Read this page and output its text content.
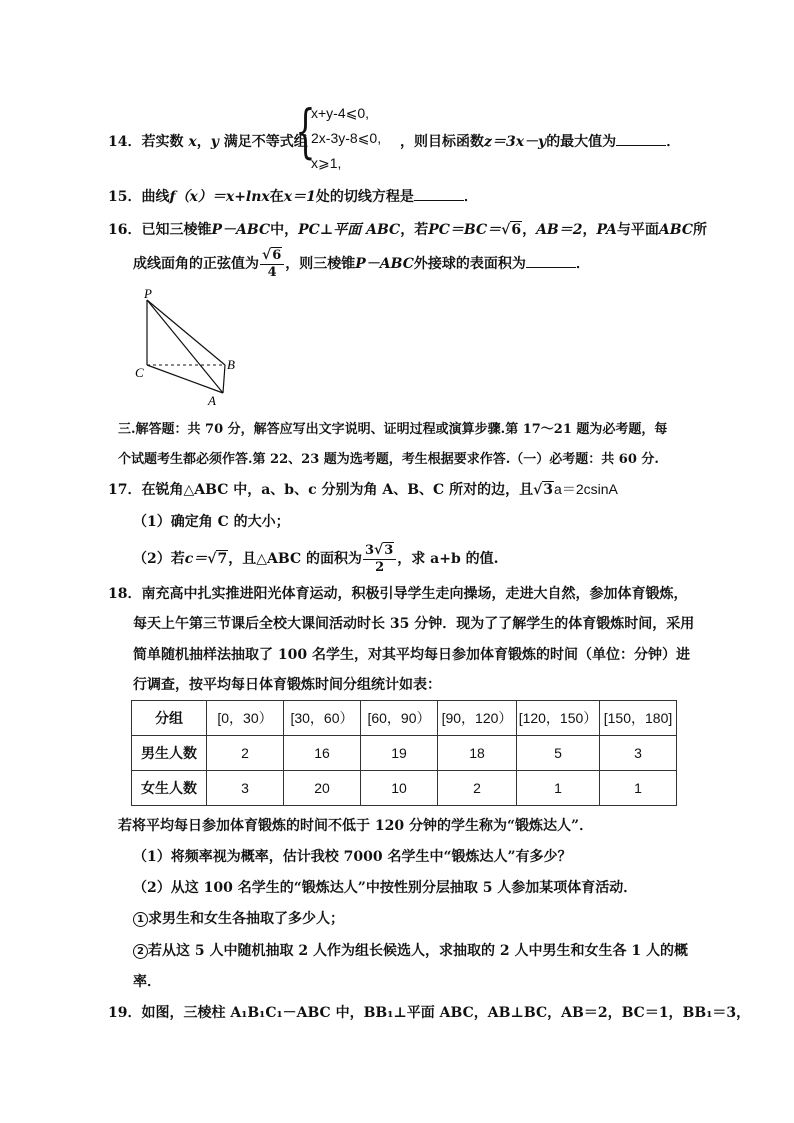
14．若实数 x，y 满足不等式组
{
x+y-4⩽0,
2x-3y-8⩽0,
x⩾1,
，则目标函数z＝3x－y的最大值为	．
15．曲线f（x）＝x+lnx在x＝1处的切线方程是	．
16．已知三棱锥P－ABC中，PC⊥平面 ABC，若PC＝BC＝√6，AB＝2，PA与平面ABC所
成线面角的正弦值为 $\frac{√6}{4}$ ，则三棱锥P－ABC外接球的表面积为	．
P
C
B
A
三.解答题：共 70 分，解答应写出文字说明、证明过程或演算步骤.第 17～21 题为必考题，每
个试题考生都必须作答.第 22、23 题为选考题，考生根据要求作答.（一）必考题：共 60 分.
17．在锐角△ABC 中，a、b、c 分别为角 A、B、C 所对的边，且√3a＝2csinA
（1）确定角 C 的大小；
（2）若c＝√7，且△ABC 的面积为 $\frac{3√3}{2}$ ，求 a+b 的值.
18．南充高中扎实推进阳光体育运动，积极引导学生走向操场，走进大自然，参加体育锻炼，
每天上午第三节课后全校大课间活动时长 35 分钟．现为了了解学生的体育锻炼时间，采用
简单随机抽样法抽取了 100 名学生，对其平均每日参加体育锻炼的时间（单位：分钟）进
行调查，按平均每日体育锻炼时间分组统计如表：
分组	[0，30）	[30，60）	[60，90）	[90，120）	[120，150）	[150，180]
男生人数	2	16	19	18	5	3
女生人数	3	20	10	2	1	1
若将平均每日参加体育锻炼的时间不低于 120 分钟的学生称为“锻炼达人”．
（1）将频率视为概率，估计我校 7000 名学生中“锻炼达人”有多少？
（2）从这 100 名学生的“锻炼达人”中按性别分层抽取 5 人参加某项体育活动．
1 求男生和女生各抽取了多少人；
2 若从这 5 人中随机抽取 2 人作为组长候选人，求抽取的 2 人中男生和女生各 1 人的概
率．
19．如图，三棱柱 A₁B₁C₁－ABC 中，BB₁⊥平面 ABC，AB⊥BC，AB＝2，BC＝1，BB₁＝3，
